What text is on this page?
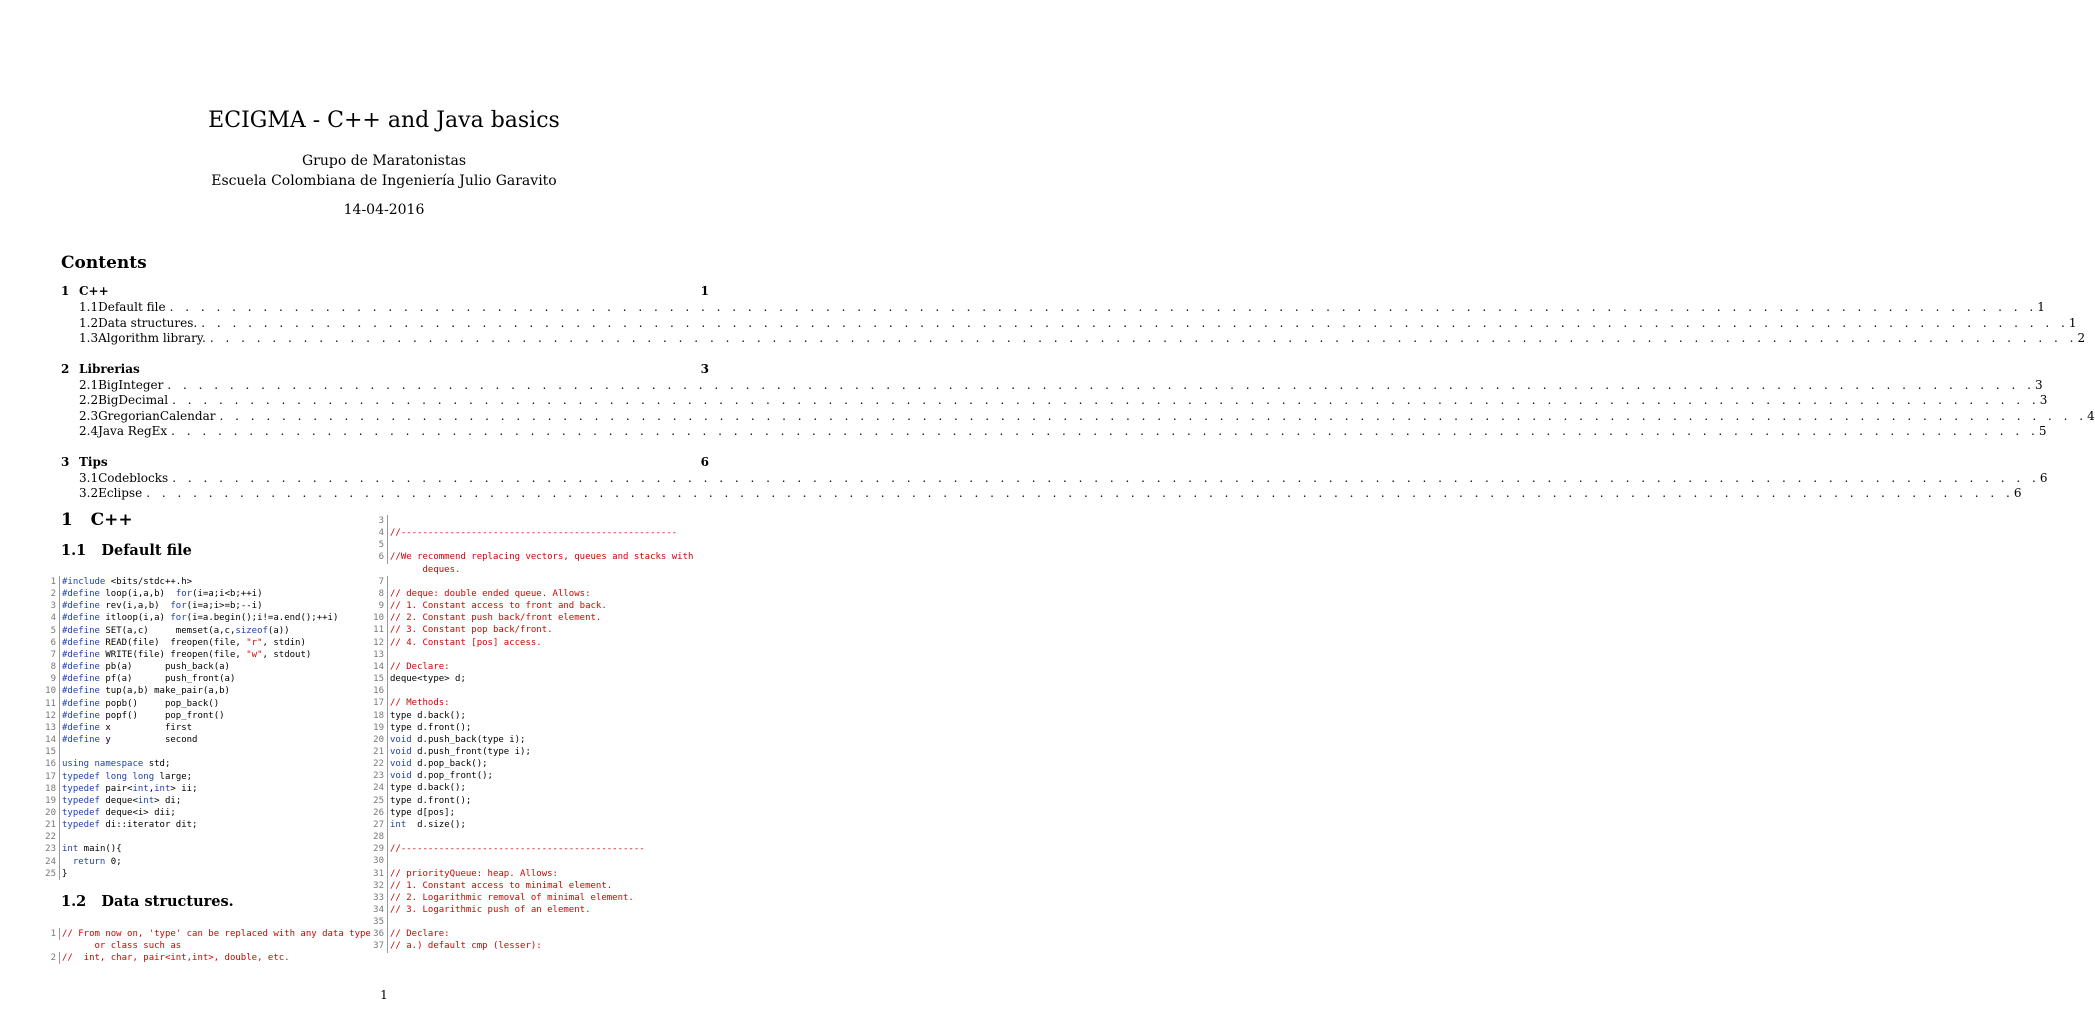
ECIGMA - C++ and Java basics
Grupo de Maratonistas
Escuela Colombiana de Ingeniería Julio Garavito
14-04-2016
Contents
1 C++	1
1.1 Default file . . . . . . . . . . . . . . . . . . . . . . . . . . . . . . . . . . . . . . . . . . . . . . . . . . . . . . . . . . . . . . . . . . . . . . . . . . . . . . . . . . . . . . . . . . . . . . . . . . . . . . . . . . . . . . . . . . . . . . . . 1
1.2 Data structures. . . . . . . . . . . . . . . . . . . . . . . . . . . . . . . . . . . . . . . . . . . . . . . . . . . . . . . . . . . . . . . . . . . . . . . . . . . . . . . . . . . . . . . . . . . . . . . . . . . . . . . . . . . . . . . . . . . . . . . . . 1
1.3 Algorithm library. . . . . . . . . . . . . . . . . . . . . . . . . . . . . . . . . . . . . . . . . . . . . . . . . . . . . . . . . . . . . . . . . . . . . . . . . . . . . . . . . . . . . . . . . . . . . . . . . . . . . . . . . . . . . . . . . . . . . . . . . 2
2 Librerias	3
2.1 BigInteger . . . . . . . . . . . . . . . . . . . . . . . . . . . . . . . . . . . . . . . . . . . . . . . . . . . . . . . . . . . . . . . . . . . . . . . . . . . . . . . . . . . . . . . . . . . . . . . . . . . . . . . . . . . . . . . . . . . . . . . . 3
2.2 BigDecimal . . . . . . . . . . . . . . . . . . . . . . . . . . . . . . . . . . . . . . . . . . . . . . . . . . . . . . . . . . . . . . . . . . . . . . . . . . . . . . . . . . . . . . . . . . . . . . . . . . . . . . . . . . . . . . . . . . . . . . . . 3
2.3 GregorianCalendar . . . . . . . . . . . . . . . . . . . . . . . . . . . . . . . . . . . . . . . . . . . . . . . . . . . . . . . . . . . . . . . . . . . . . . . . . . . . . . . . . . . . . . . . . . . . . . . . . . . . . . . . . . . . . . . . . . . . . . . . 4
2.4 Java RegEx . . . . . . . . . . . . . . . . . . . . . . . . . . . . . . . . . . . . . . . . . . . . . . . . . . . . . . . . . . . . . . . . . . . . . . . . . . . . . . . . . . . . . . . . . . . . . . . . . . . . . . . . . . . . . . . . . . . . . . . . 5
3 Tips	6
3.1 Codeblocks . . . . . . . . . . . . . . . . . . . . . . . . . . . . . . . . . . . . . . . . . . . . . . . . . . . . . . . . . . . . . . . . . . . . . . . . . . . . . . . . . . . . . . . . . . . . . . . . . . . . . . . . . . . . . . . . . . . . . . . . 6
3.2 Eclipse . . . . . . . . . . . . . . . . . . . . . . . . . . . . . . . . . . . . . . . . . . . . . . . . . . . . . . . . . . . . . . . . . . . . . . . . . . . . . . . . . . . . . . . . . . . . . . . . . . . . . . . . . . . . . . . . . . . . . . . . 6
1 C++
1.1 Default file
1 #include <bits/stdc++.h>
2 #define loop(i,a,b)  for(i=a;i<b;++i)
3 #define rev(i,a,b)  for(i=a;i>=b;--i)
4 #define itloop(i,a) for(i=a.begin();i!=a.end();++i)
5 #define SET(a,c)     memset(a,c,sizeof(a))
6 #define READ(file)  freopen(file, "r", stdin)
7 #define WRITE(file) freopen(file, "w", stdout)
8 #define pb(a)      push_back(a)
9 #define pf(a)      push_front(a)
10 #define tup(a,b) make_pair(a,b)
11 #define popb()     pop_back()
12 #define popf()     pop_front()
13 #define x          first
14 #define y          second
15
16 using namespace std;
17 typedef long long large;
18 typedef pair<int,int> ii;
19 typedef deque<int> di;
20 typedef deque<i> dii;
21 typedef di::iterator dit;
22
23 int main(){
24 return 0;
25 }
1.2 Data structures.
1 // From now on, 'type' can be replaced with any data type
or class such as
2 //  int, char, pair<int,int>, double, etc.
3
4 //---------------------------------------------------
5
6 //We recommend replacing vectors, queues and stacks with
deques.
7
8 // deque: double ended queue. Allows:
9 // 1. Constant access to front and back.
10 // 2. Constant push back/front element.
11 // 3. Constant pop back/front.
12 // 4. Constant [pos] access.
13
14 // Declare:
15 deque<type> d;
16
17 // Methods:
18 type d.back();
19 type d.front();
20 void d.push_back(type i);
21 void d.push_front(type i);
22 void d.pop_back();
23 void d.pop_front();
24 type d.back();
25 type d.front();
26 type d[pos];
27 int  d.size();
28
29 //---------------------------------------------
30
31 // priorityQueue: heap. Allows:
32 // 1. Constant access to minimal element.
33 // 2. Logarithmic removal of minimal element.
34 // 3. Logarithmic push of an element.
35
36 // Declare:
37 // a.) default cmp (lesser):
1
